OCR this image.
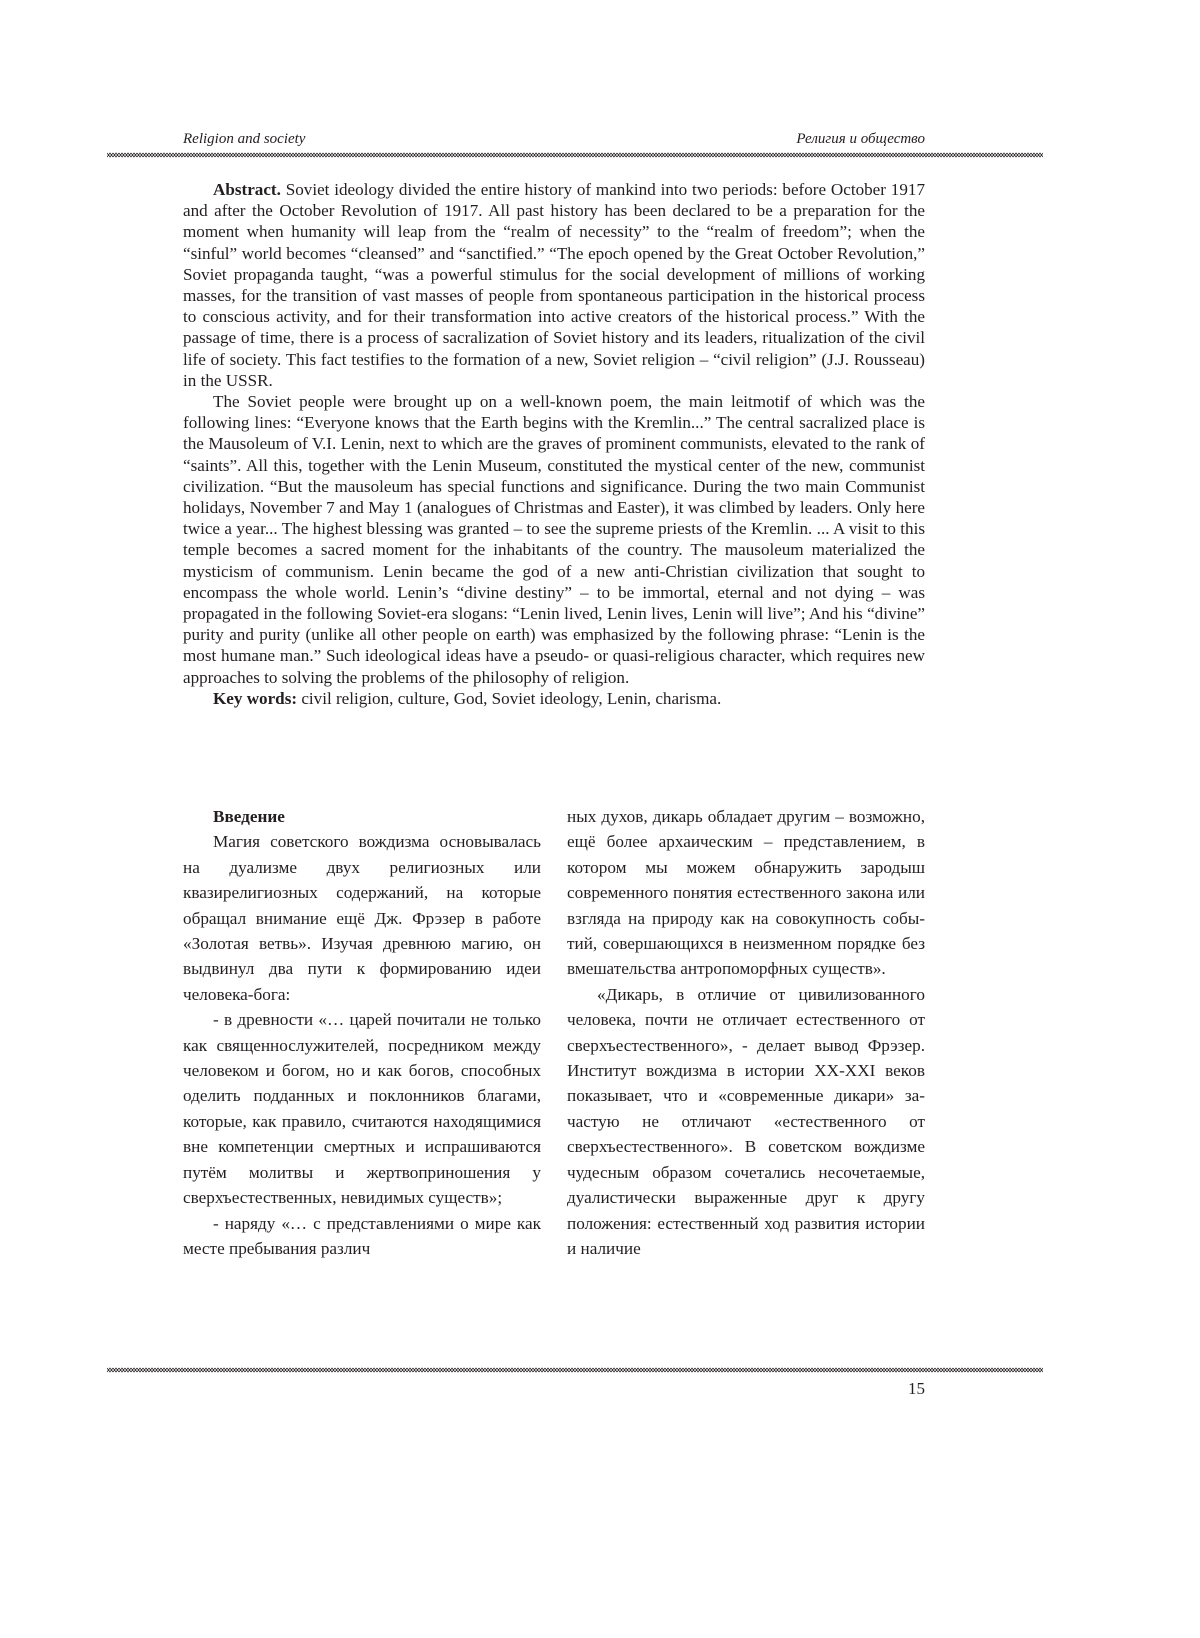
Religion and society	Религия и общество

Abstract. Soviet ideology divided the entire history of mankind into two periods: before October 1917 and after the October Revolution of 1917. All past history has been declared to be a preparation for the moment when humanity will leap from the “realm of necessity” to the “realm of freedom”; when the “sinful” world becomes “cleansed” and “sanctified.” “The epoch opened by the Great October Revolution,” Soviet propaganda taught, “was a powerful stimulus for the social development of millions of working masses, for the transition of vast masses of people from spontaneous participation in the historical process to conscious activity, and for their transformation into active creators of the historical process.” With the passage of time, there is a process of sacralization of Soviet history and its leaders, ritualization of the civil life of society. This fact testifies to the formation of a new, Soviet religion – “civil religion” (J.J. Rousseau) in the USSR.

The Soviet people were brought up on a well-known poem, the main leitmotif of which was the following lines: “Everyone knows that the Earth begins with the Kremlin...” The central sacralized place is the Mausoleum of V.I. Lenin, next to which are the graves of prominent communists, elevated to the rank of “saints”. All this, together with the Lenin Museum, constituted the mystical center of the new, communist civilization. “But the mausoleum has special functions and significance. During the two main Communist holidays, November 7 and May 1 (analogues of Christmas and Easter), it was climbed by leaders. Only here twice a year... The highest blessing was granted – to see the supreme priests of the Kremlin. ... A visit to this temple becomes a sacred moment for the inhabitants of the country. The mausoleum materialized the mysticism of communism. Lenin became the god of a new anti-Christian civilization that sought to encompass the whole world. Lenin’s “divine destiny” – to be immortal, eternal and not dying – was propagated in the following Soviet-era slogans: “Lenin lived, Lenin lives, Lenin will live”; And his “divine” purity and purity (unlike all other people on earth) was emphasized by the following phrase: “Lenin is the most humane man.” Such ideological ideas have a pseudo- or quasi-religious character, which requires new approaches to solving the problems of the philosophy of religion.

Key words: civil religion, culture, God, Soviet ideology, Lenin, charisma.

Введение

Магия советского вождизма основывалась на дуализме двух религиозных или квазирелигиозных содержаний, на которые обращал внимание ещё Дж. Фрэзер в работе «Золотая ветвь». Изучая древнюю магию, он выдвинул два пути к формированию идеи человека-бога:

- в древности «… царей почитали не только как священнослужителей, посредником между человеком и богом, но и как богов, способных оделить подданных и поклонников благами, которые, как правило, считаются находящимися вне компетенции смертных и испрашиваются путём молитвы и жертвоприношения у сверхъестественных, невидимых существ»;

- наряду «… с представлениями о мире как месте пребывания различ

ных духов, дикарь обладает другим – возможно, ещё более архаическим – представлением, в котором мы можем обнаружить зародыш современного понятия естественного закона или взгляда на природу как на совокупность событий, совершающихся в неизменном порядке без вмешательства антропоморфных существ».

«Дикарь, в отличие от цивилизованного человека, почти не отличает естественного от сверхъестественного», - делает вывод Фрэзер. Институт вождизма в истории XX-XXI веков показывает, что и «современные дикари» зачастую не отличают «естественного от сверхъестественного». В советском вождизме чудесным образом сочетались несочетаемые, дуалистически выраженные друг к другу положения: естественный ход развития истории и наличие

15
